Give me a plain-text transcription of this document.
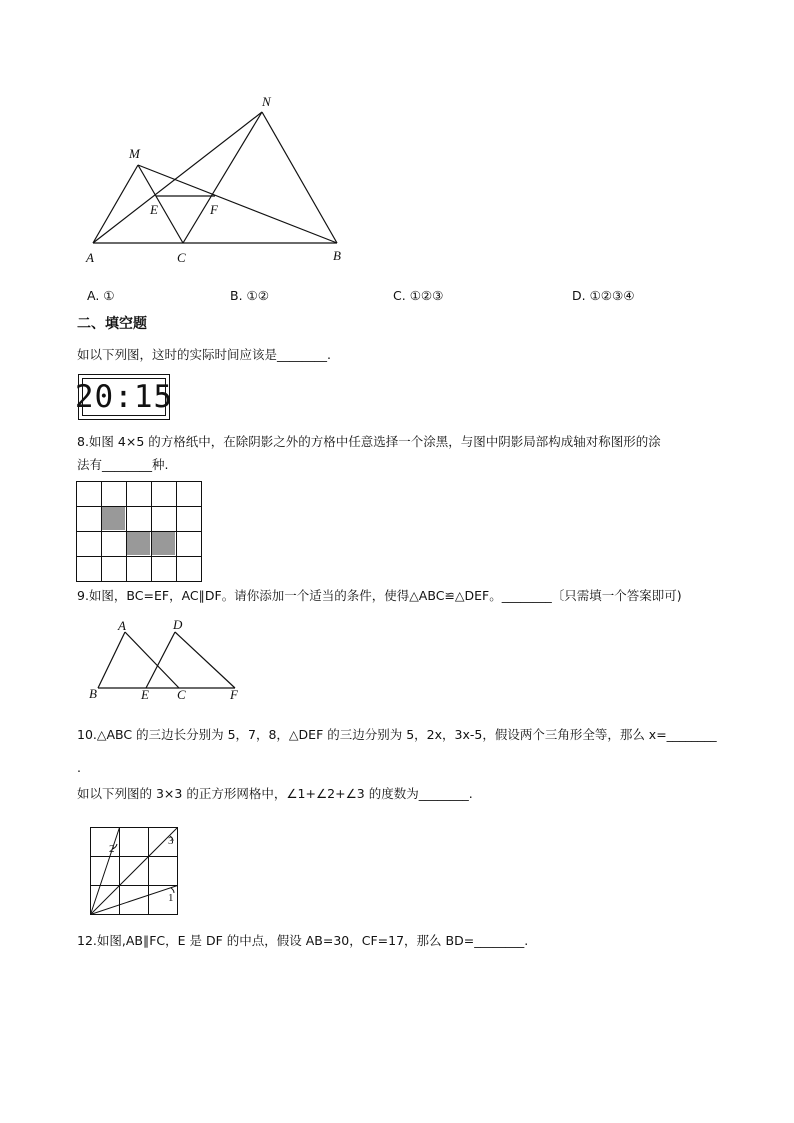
N
M
E	F
A	C	B
A. ①	B. ①②	C. ①②③	D. ①②③④
二、填空题
如以下列图，这时的实际时间应该是________.
20:15
8.如图 4×5 的方格纸中，在除阴影之外的方格中任意选择一个涂黑，与图中阴影局部构成轴对称图形的涂
法有________种.
9.如图，BC=EF，AC∥DF。请你添加一个适当的条件，使得△ABC≌△DEF。________〔只需填一个答案即可)
A	D
B	E C	F
10.△ABC 的三边长分别为 5，7，8，△DEF 的三边分别为 5，2x，3x-5，假设两个三角形全等，那么 x=________
.
如以下列图的 3×3 的正方形网格中，∠1+∠2+∠3 的度数为________.
2
3
1
12.如图,AB∥FC，E 是 DF 的中点，假设 AB=30，CF=17，那么 BD=________.
